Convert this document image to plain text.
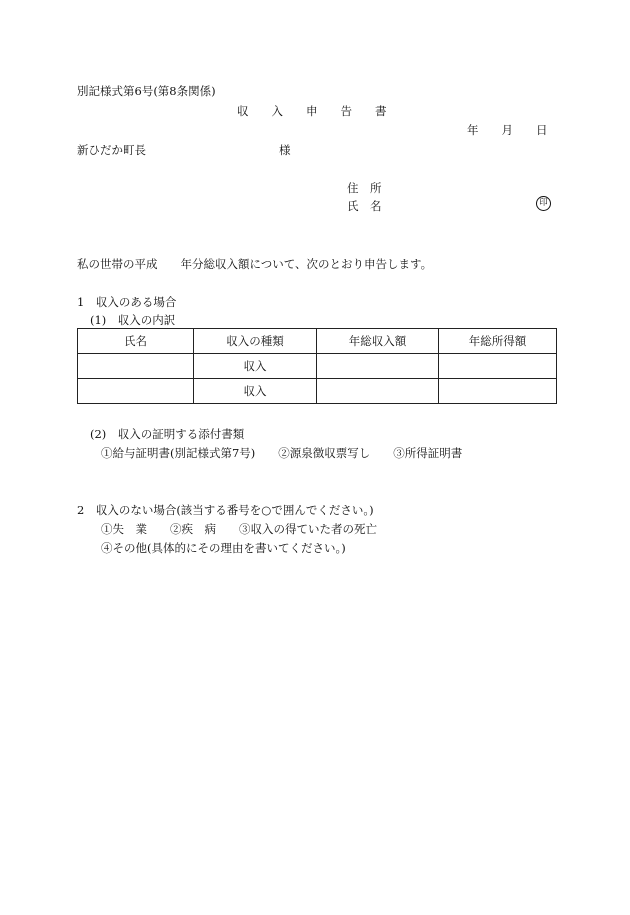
別記様式第6号(第8条関係)
収　　入　　申　　告　　書
年　　月　　日
新ひだか町長	様
住　所
氏　名	印
私の世帯の平成　　年分総収入額について、次のとおり申告します。
1　収入のある場合
(1)　収入の内訳
氏名	収入の種類	年総収入額	年総所得額
	収入		
	収入		
(2)　収入の証明する添付書類
①給与証明書(別記様式第7号)　　②源泉徴収票写し　　③所得証明書
2　収入のない場合(該当する番号を○で囲んでください。)
①失　業　　②疾　病　　③収入の得ていた者の死亡
④その他(具体的にその理由を書いてください。)
